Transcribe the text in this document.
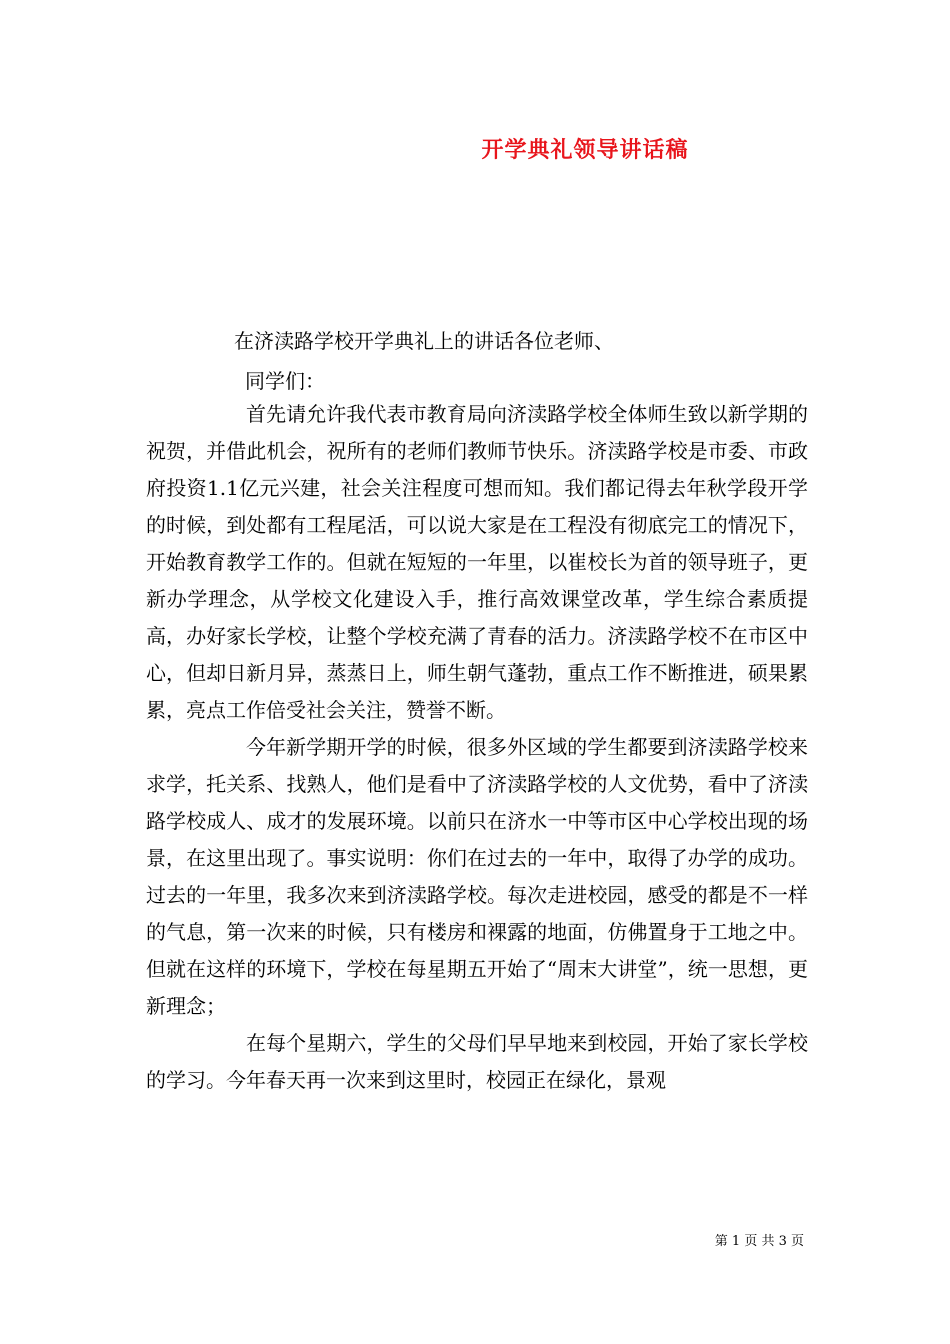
开学典礼领导讲话稿

在济渎路学校开学典礼上的讲话各位老师、

同学们：

首先请允许我代表市教育局向济渎路学校全体师生致以新学期的祝贺，并借此机会，祝所有的老师们教师节快乐。济渎路学校是市委、市政府投资1.1亿元兴建，社会关注程度可想而知。我们都记得去年秋学段开学的时候，到处都有工程尾活，可以说大家是在工程没有彻底完工的情况下，开始教育教学工作的。但就在短短的一年里，以崔校长为首的领导班子，更新办学理念，从学校文化建设入手，推行高效课堂改革，学生综合素质提高，办好家长学校，让整个学校充满了青春的活力。济渎路学校不在市区中心，但却日新月异，蒸蒸日上，师生朝气蓬勃，重点工作不断推进，硕果累累，亮点工作倍受社会关注，赞誉不断。

今年新学期开学的时候，很多外区域的学生都要到济渎路学校来求学，托关系、找熟人，他们是看中了济渎路学校的人文优势，看中了济渎路学校成人、成才的发展环境。以前只在济水一中等市区中心学校出现的场景，在这里出现了。事实说明：你们在过去的一年中，取得了办学的成功。过去的一年里，我多次来到济渎路学校。每次走进校园，感受的都是不一样的气息，第一次来的时候，只有楼房和裸露的地面，仿佛置身于工地之中。但就在这样的环境下，学校在每星期五开始了“周末大讲堂”，统一思想，更新理念；

在每个星期六，学生的父母们早早地来到校园，开始了家长学校的学习。今年春天再一次来到这里时，校园正在绿化，景观

第 1 页 共 3 页
